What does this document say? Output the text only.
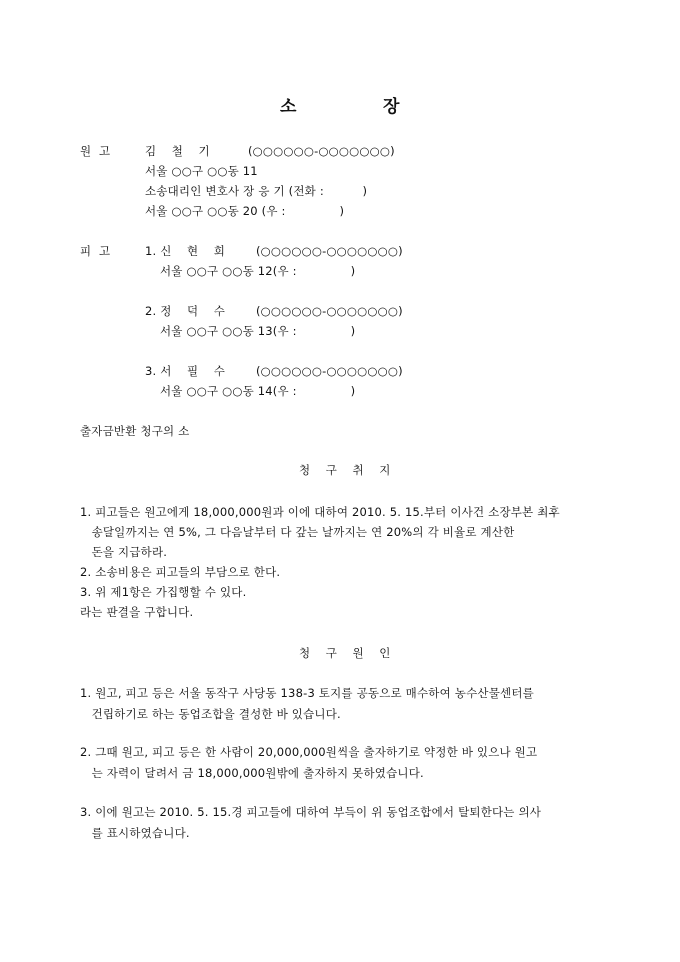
소	장
원  고	김    철    기	(○○○○○○-○○○○○○○)
서울 ○○구 ○○동 11
소송대리인 변호사 장 응 기 (전화 :          )
서울 ○○구 ○○동 20 (우 :              )
피  고	1. 신    현    희	(○○○○○○-○○○○○○○)
서울 ○○구 ○○동 12(우 :              )
2. 정    덕    수	(○○○○○○-○○○○○○○)
서울 ○○구 ○○동 13(우 :              )
3. 서    필    수	(○○○○○○-○○○○○○○)
서울 ○○구 ○○동 14(우 :              )
출자금반환 청구의 소
청 구 취 지
1. 피고들은 원고에게 18,000,000원과 이에 대하여 2010. 5. 15.부터 이사건 소장부본 최후
송달일까지는 연 5%, 그 다음날부터 다 갚는 날까지는 연 20%의 각 비율로 계산한
돈을 지급하라.
2. 소송비용은 피고들의 부담으로 한다.
3. 위 제1항은 가집행할 수 있다.
라는 판결을 구합니다.
청 구 원 인
1. 원고, 피고 등은 서울 동작구 사당동 138-3 토지를 공동으로 매수하여 농수산물센터를
건립하기로 하는 동업조합을 결성한 바 있습니다.
2. 그때 원고, 피고 등은 한 사람이 20,000,000원씩을 출자하기로 약정한 바 있으나 원고
는 자력이 달려서 금 18,000,000원밖에 출자하지 못하였습니다.
3. 이에 원고는 2010. 5. 15.경 피고들에 대하여 부득이 위 동업조합에서 탈퇴한다는 의사
를 표시하였습니다.
